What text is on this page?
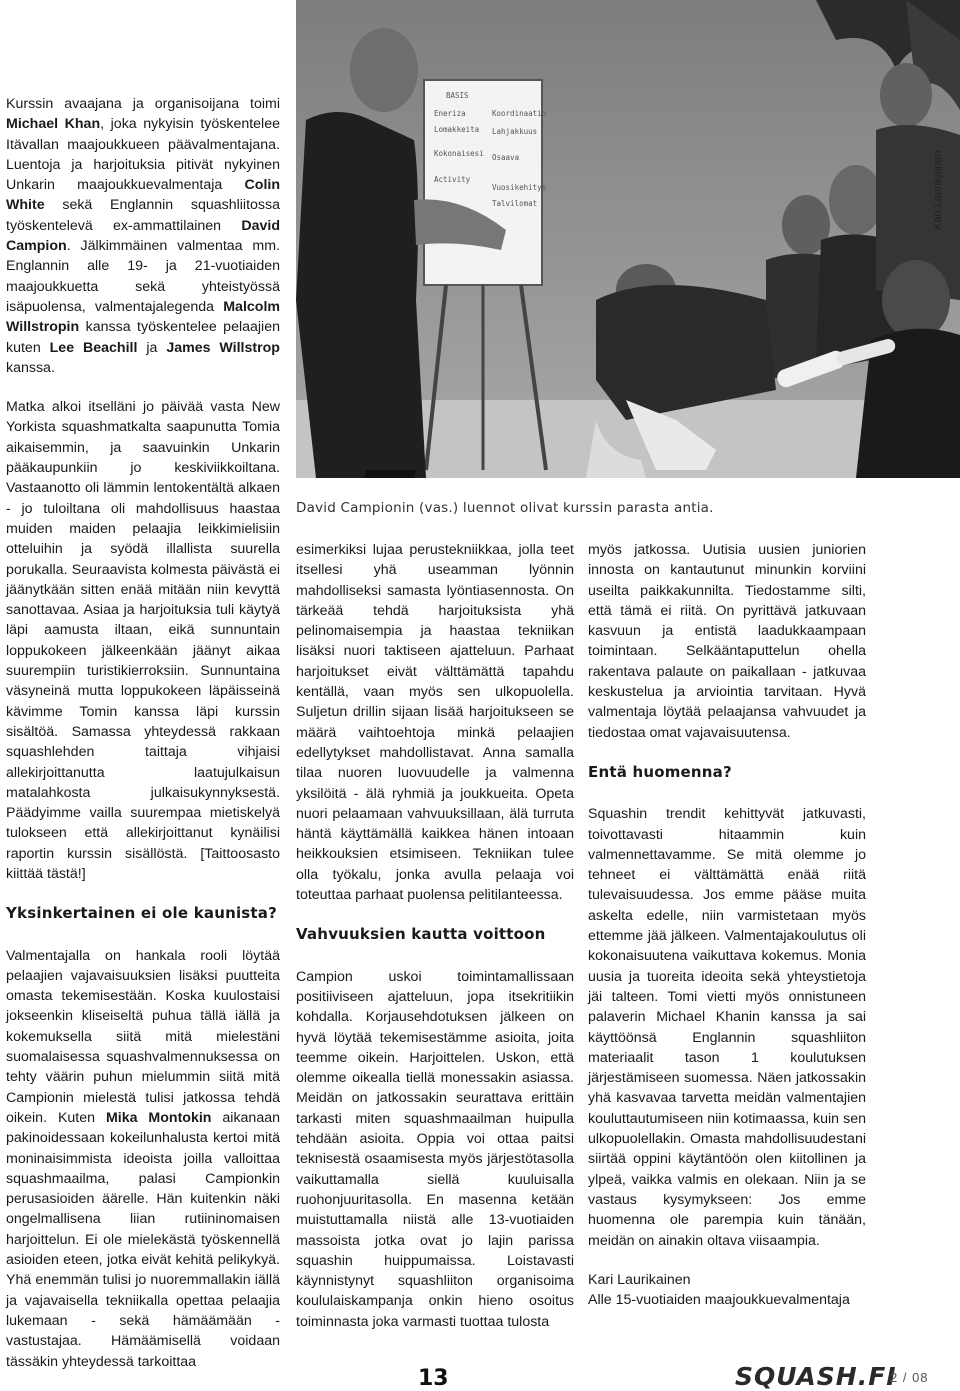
BASIS
Eneriza
Lomakkeita
Kokonaisesi
Activity
Koordinaatio
Lahjakkuus
Osaava
Vuosikehitys
Talvilomat	Kari Laurikainen
David Campionin (vas.) luennot olivat kurssin parasta antia.

Kurssin avaajana ja organisoijana toimi Michael Khan, joka nykyisin työskentelee Itävallan maajoukkueen päävalmentajana. Luentoja ja harjoituksia pitivät nykyinen Unkarin maajoukkuevalmentaja Colin White sekä Englannin squashliitossa työskentelevä ex-ammattilainen David Campion. Jälkimmäinen valmentaa mm. Englannin alle 19- ja 21-vuotiaiden maajoukkuetta sekä yhteistyössä isäpuolensa, valmentajalegenda Malcolm Willstropin kanssa työskentelee pelaajien kuten Lee Beachill ja James Willstrop kanssa.

Matka alkoi itselläni jo päivää vasta New Yorkista squashmatkalta saapunutta Tomia aikaisemmin, ja saavuinkin Unkarin pääkaupunkiin jo keskiviikkoiltana. Vastaanotto oli lämmin lentokentältä alkaen - jo tuloiltana oli mahdollisuus haastaa muiden maiden pelaajia leikkimielisiin otteluihin ja syödä illallista suurella porukalla. Seuraavista kolmesta päivästä ei jäänytkään sitten enää mitään niin kevyttä sanottavaa. Asiaa ja harjoituksia tuli käytyä läpi aamusta iltaan, eikä sunnuntain loppukokeen jälkeenkään jäänyt aikaa suurempiin turistikierroksiin. Sunnuntaina väsyneinä mutta loppukokeen läpäisseinä kävimme Tomin kanssa läpi kurssin sisältöä. Samassa yhteydessä rakkaan squashlehden taittaja vihjaisi allekirjoittanutta laatujulkaisun matalahkosta julkaisukynnyksestä. Päädyimme vailla suurempaa mietiskelyä tulokseen että allekirjoittanut kynäilisi raportin kurssin sisällöstä. [Taittoosasto kiittää tästä!]

Yksinkertainen ei ole kaunista?

Valmentajalla on hankala rooli löytää pelaajien vajavaisuuksien lisäksi puutteita omasta tekemisestään. Koska kuulostaisi jokseenkin kliseiseltä puhua tällä iällä ja kokemuksella siitä mitä mielestäni suomalaisessa squashvalmennuksessa on tehty väärin puhun mielummin siitä mitä Campionin mielestä tulisi jatkossa tehdä oikein. Kuten Mika Montokin aikanaan pakinoidessaan kokeilunhalusta kertoi mitä moninaisimmista ideoista joilla valloittaa squashmaailma, palasi Campionkin perusasioiden äärelle. Hän kuitenkin näki ongelmallisena liian rutiininomaisen harjoittelun. Ei ole mielekästä työskennellä asioiden eteen, jotka eivät kehitä pelikykyä. Yhä enemmän tulisi jo nuoremmallakin iällä ja vajavaisella tekniikalla opettaa pelaajia lukemaan - sekä hämäämään - vastustajaa. Hämäämisellä voidaan tässäkin yhteydessä tarkoittaa

esimerkiksi lujaa perustekniikkaa, jolla teet itsellesi yhä useamman lyönnin mahdolliseksi samasta lyöntiasennosta. On tärkeää tehdä harjoituksista yhä pelinomaisempia ja haastaa tekniikan lisäksi nuori taktiseen ajatteluun. Parhaat harjoitukset eivät välttämättä tapahdu kentällä, vaan myös sen ulkopuolella. Suljetun drillin sijaan lisää harjoitukseen se määrä vaihtoehtoja minkä pelaajien edellytykset mahdollistavat. Anna samalla tilaa nuoren luovuudelle ja valmenna yksilöitä - älä ryhmiä ja joukkueita. Opeta nuori pelaamaan vahvuuksillaan, älä turruta häntä käyttämällä kaikkea hänen intoaan heikkouksien etsimiseen. Tekniikan tulee olla työkalu, jonka avulla pelaaja voi toteuttaa parhaat puolensa pelitilanteessa.

Vahvuuksien kautta voittoon

Campion uskoi toimintamallissaan positiiviseen ajatteluun, jopa itsekritiikin kohdalla. Korjausehdotuksen jälkeen on hyvä löytää tekemisestämme asioita, joita teemme oikein. Harjoittelen. Uskon, että olemme oikealla tiellä monessakin asiassa. Meidän on jatkossakin seurattava erittäin tarkasti miten squashmaailman huipulla tehdään asioita. Oppia voi ottaa paitsi teknisestä osaamisesta myös järjestötasolla vaikuttamalla siellä kuuluisalla ruohonjuuritasolla. En masenna ketään muistuttamalla niistä alle 13-vuotiaiden massoista jotka ovat jo lajin parissa squashin huippumaissa. Loistavasti käynnistynyt squashliiton organisoima koululaiskampanja onkin hieno osoitus toiminnasta joka varmasti tuottaa tulosta

myös jatkossa. Uutisia uusien juniorien innosta on kantautunut minunkin korviini useilta paikkakunnilta. Tiedostamme silti, että tämä ei riitä. On pyrittävä jatkuvaan kasvuun ja entistä laadukkaampaan toimintaan. Selkääntaputtelun ohella rakentava palaute on paikallaan - jatkuvaa keskustelua ja arviointia tarvitaan. Hyvä valmentaja löytää pelaajansa vahvuudet ja tiedostaa omat vajavaisuutensa.

Entä huomenna?

Squashin trendit kehittyvät jatkuvasti, toivottavasti hitaammin kuin valmennettavamme. Se mitä olemme jo tehneet ei välttämättä enää riitä tulevaisuudessa. Jos emme pääse muita askelta edelle, niin varmistetaan myös ettemme jää jälkeen. Valmentajakoulutus oli kokonaisuutena vaikuttava kokemus. Monia uusia ja tuoreita ideoita sekä yhteystietoja jäi talteen. Tomi vietti myös onnistuneen palaverin Michael Khanin kanssa ja sai käyttöönsä Englannin squashliiton materiaalit tason 1 koulutuksen järjestämiseen suomessa. Näen jatkossakin yhä kasvavaa tarvetta meidän valmentajien kouluttautumiseen niin kotimaassa, kuin sen ulkopuolellakin. Omasta mahdollisuudestani siirtää oppini käytäntöön olen kiitollinen ja ylpeä, vaikka valmis en olekaan. Niin ja se vastaus kysymykseen: Jos emme huomenna ole parempia kuin tänään, meidän on ainakin oltava viisaampia.

Kari Laurikainen
Alle 15-vuotiaiden maajoukkuevalmentaja
13	SQUASH.FI
2 / 08
